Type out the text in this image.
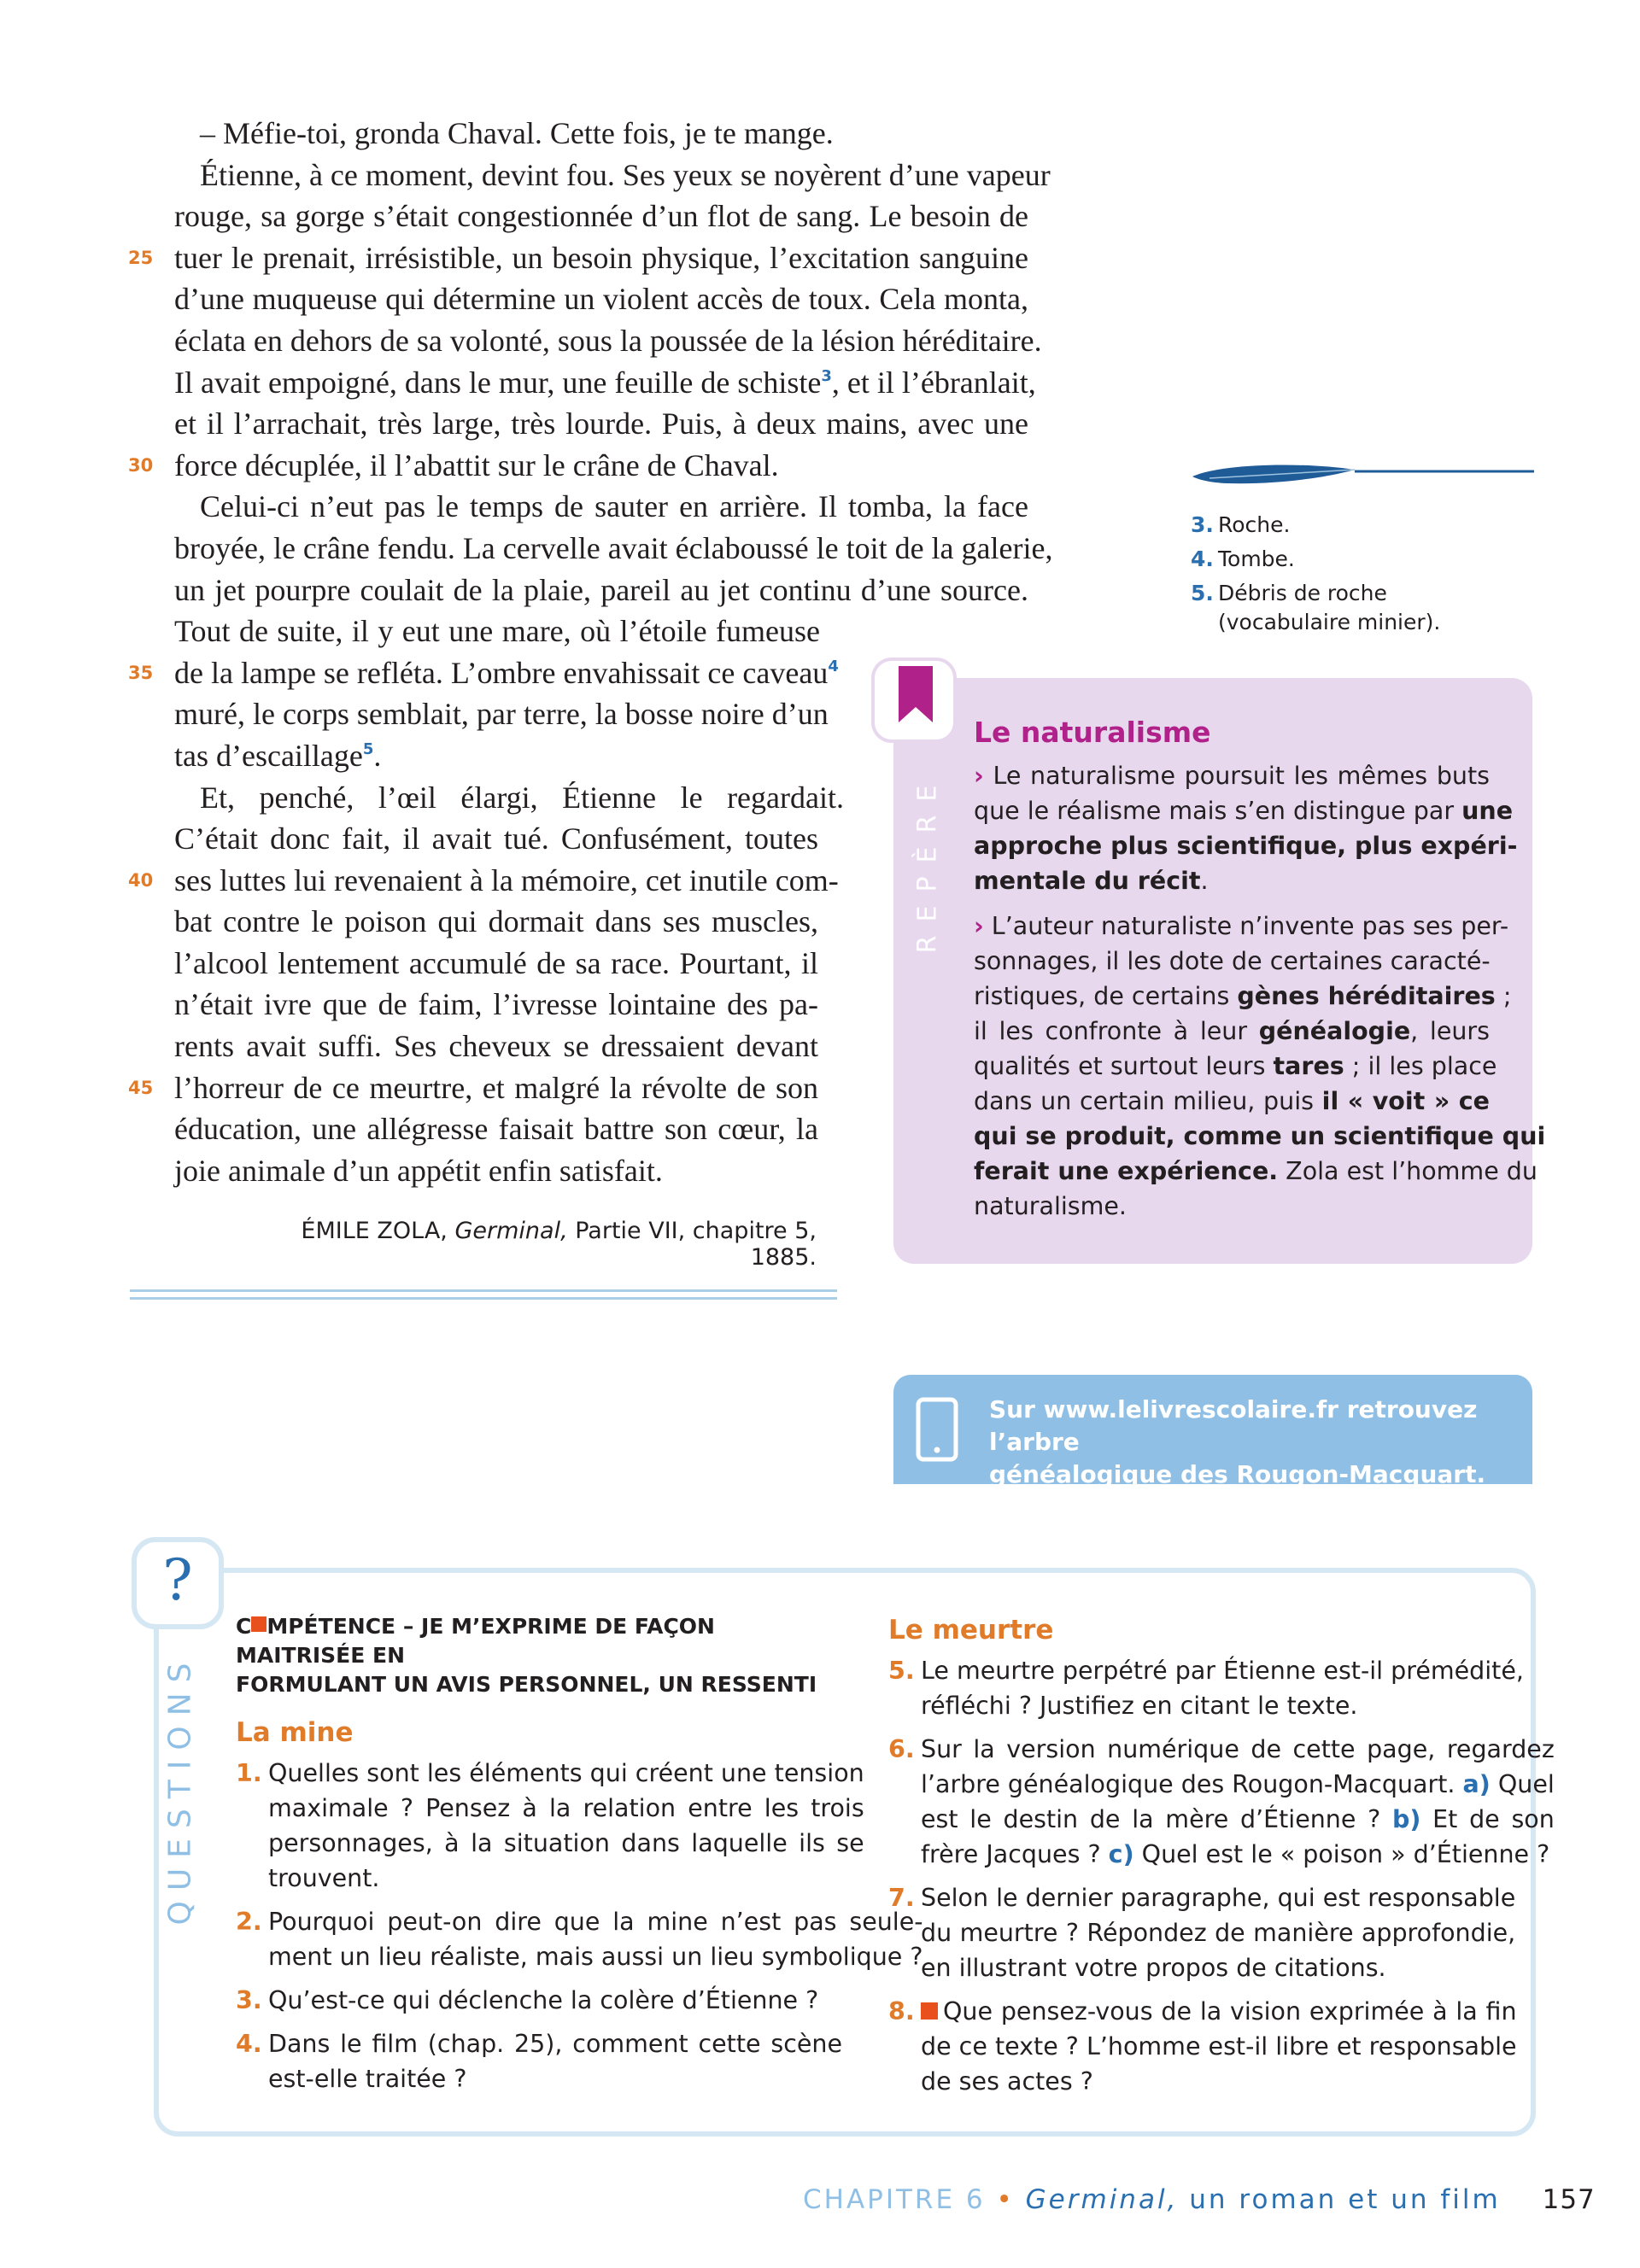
– Méfie-toi, gronda Chaval. Cette fois, je te mange.
Étienne, à ce moment, devint fou. Ses yeux se noyèrent d’une vapeur
rouge, sa gorge s’était congestionnée d’un flot de sang. Le besoin de
25 tuer le prenait, irrésistible, un besoin physique, l’excitation sanguine
d’une muqueuse qui détermine un violent accès de toux. Cela monta,
éclata en dehors de sa volonté, sous la poussée de la lésion héréditaire.
Il avait empoigné, dans le mur, une feuille de schiste$^3$, et il l’ébranlait,
et il l’arrachait, très large, très lourde. Puis, à deux mains, avec une
30 force décuplée, il l’abattit sur le crâne de Chaval.
Celui-ci n’eut pas le temps de sauter en arrière. Il tomba, la face
broyée, le crâne fendu. La cervelle avait éclaboussé le toit de la galerie,
un jet pourpre coulait de la plaie, pareil au jet continu d’une source.
Tout de suite, il y eut une mare, où l’étoile fumeuse
35 de la lampe se refléta. L’ombre envahissait ce caveau$^4$
muré, le corps semblait, par terre, la bosse noire d’un
tas d’escaillage$^5$.
Et, penché, l’œil élargi, Étienne le regardait.
C’était donc fait, il avait tué. Confusément, toutes
40 ses luttes lui revenaient à la mémoire, cet inutile com-
bat contre le poison qui dormait dans ses muscles,
l’alcool lentement accumulé de sa race. Pourtant, il
n’était ivre que de faim, l’ivresse lointaine des pa-
rents avait suffi. Ses cheveux se dressaient devant
45 l’horreur de ce meurtre, et malgré la révolte de son
éducation, une allégresse faisait battre son cœur, la
joie animale d’un appétit enfin satisfait.
ÉMILE ZOLA, Germinal, Partie VII, chapitre 5, 1885.
3. Roche.
4. Tombe.
5. Débris de roche (vocabulaire minier).
REPÈRE
Le naturalisme

› Le naturalisme poursuit les mêmes buts
que le réalisme mais s’en distingue par une
approche plus scientifique, plus expéri-
mentale du récit.

› L’auteur naturaliste n’invente pas ses per-
sonnages, il les dote de certaines caracté-
ristiques, de certains gènes héréditaires ;
il les confronte à leur généalogie, leurs
qualités et surtout leurs tares ; il les place
dans un certain milieu, puis il « voit » ce
qui se produit, comme un scientifique qui
ferait une expérience. Zola est l’homme du
naturalisme.

Sur www.lelivrescolaire.fr retrouvez l’arbre
généalogique des Rougon-Macquart.
?
QUESTIONS
C MPÉTENCE – JE M’EXPRIME DE FAÇON MAITRISÉE EN
FORMULANT UN AVIS PERSONNEL, UN RESSENTI
La mine
1. Quelles sont les éléments qui créent une tension
maximale ? Pensez à la relation entre les trois
personnages, à la situation dans laquelle ils se
trouvent.
2. Pourquoi peut-on dire que la mine n’est pas seule-
ment un lieu réaliste, mais aussi un lieu symbolique ?
3. Qu’est-ce qui déclenche la colère d’Étienne ?
4. Dans le film (chap. 25), comment cette scène
est-elle traitée ?
Le meurtre
5. Le meurtre perpétré par Étienne est-il prémédité,
réfléchi ? Justifiez en citant le texte.
6. Sur la version numérique de cette page, regardez
l’arbre généalogique des Rougon-Macquart. a) Quel
est le destin de la mère d’Étienne ? b) Et de son
frère Jacques ? c) Quel est le « poison » d’Étienne ?
7. Selon le dernier paragraphe, qui est responsable
du meurtre ? Répondez de manière approfondie,
en illustrant votre propos de citations.
8.	Que pensez-vous de la vision exprimée à la fin
de ce texte ? L’homme est-il libre et responsable
de ses actes ?
CHAPITRE 6 • Germinal, un roman et un film 157
